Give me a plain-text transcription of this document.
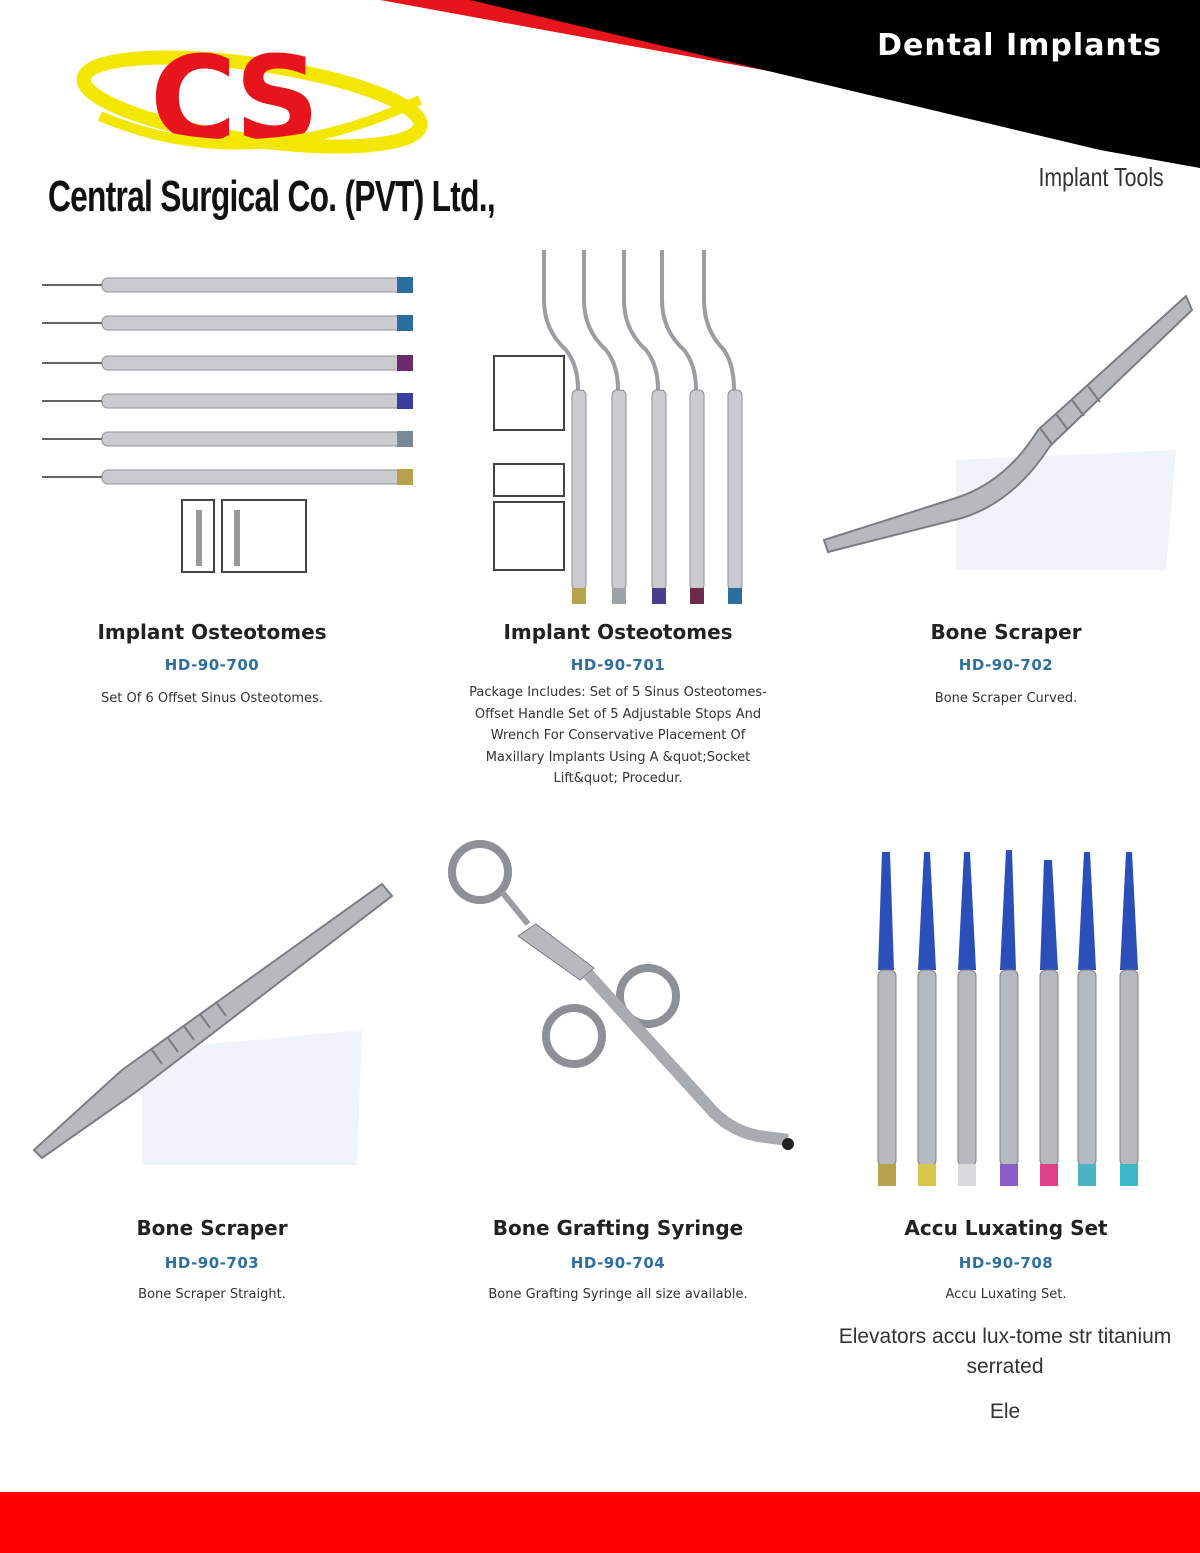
Dental Implants
Implant Tools
CS
Central Surgical Co. (PVT) Ltd.,
Implant Osteotomes
HD-90-700
Set Of 6 Offset Sinus Osteotomes.
Implant Osteotomes
HD-90-701
Package Includes: Set of 5 Sinus Osteotomes-Offset Handle Set of 5 Adjustable Stops And Wrench For Conservative Placement Of Maxillary Implants Using A &quot;Socket Lift&quot; Procedur.
Bone Scraper
HD-90-702
Bone Scraper Curved.
Bone Scraper
HD-90-703
Bone Scraper Straight.
Bone Grafting Syringe
HD-90-704
Bone Grafting Syringe all size available.
Accu Luxating Set
HD-90-708
Accu Luxating Set.
Elevators accu lux-tome str titanium serrated
Ele
